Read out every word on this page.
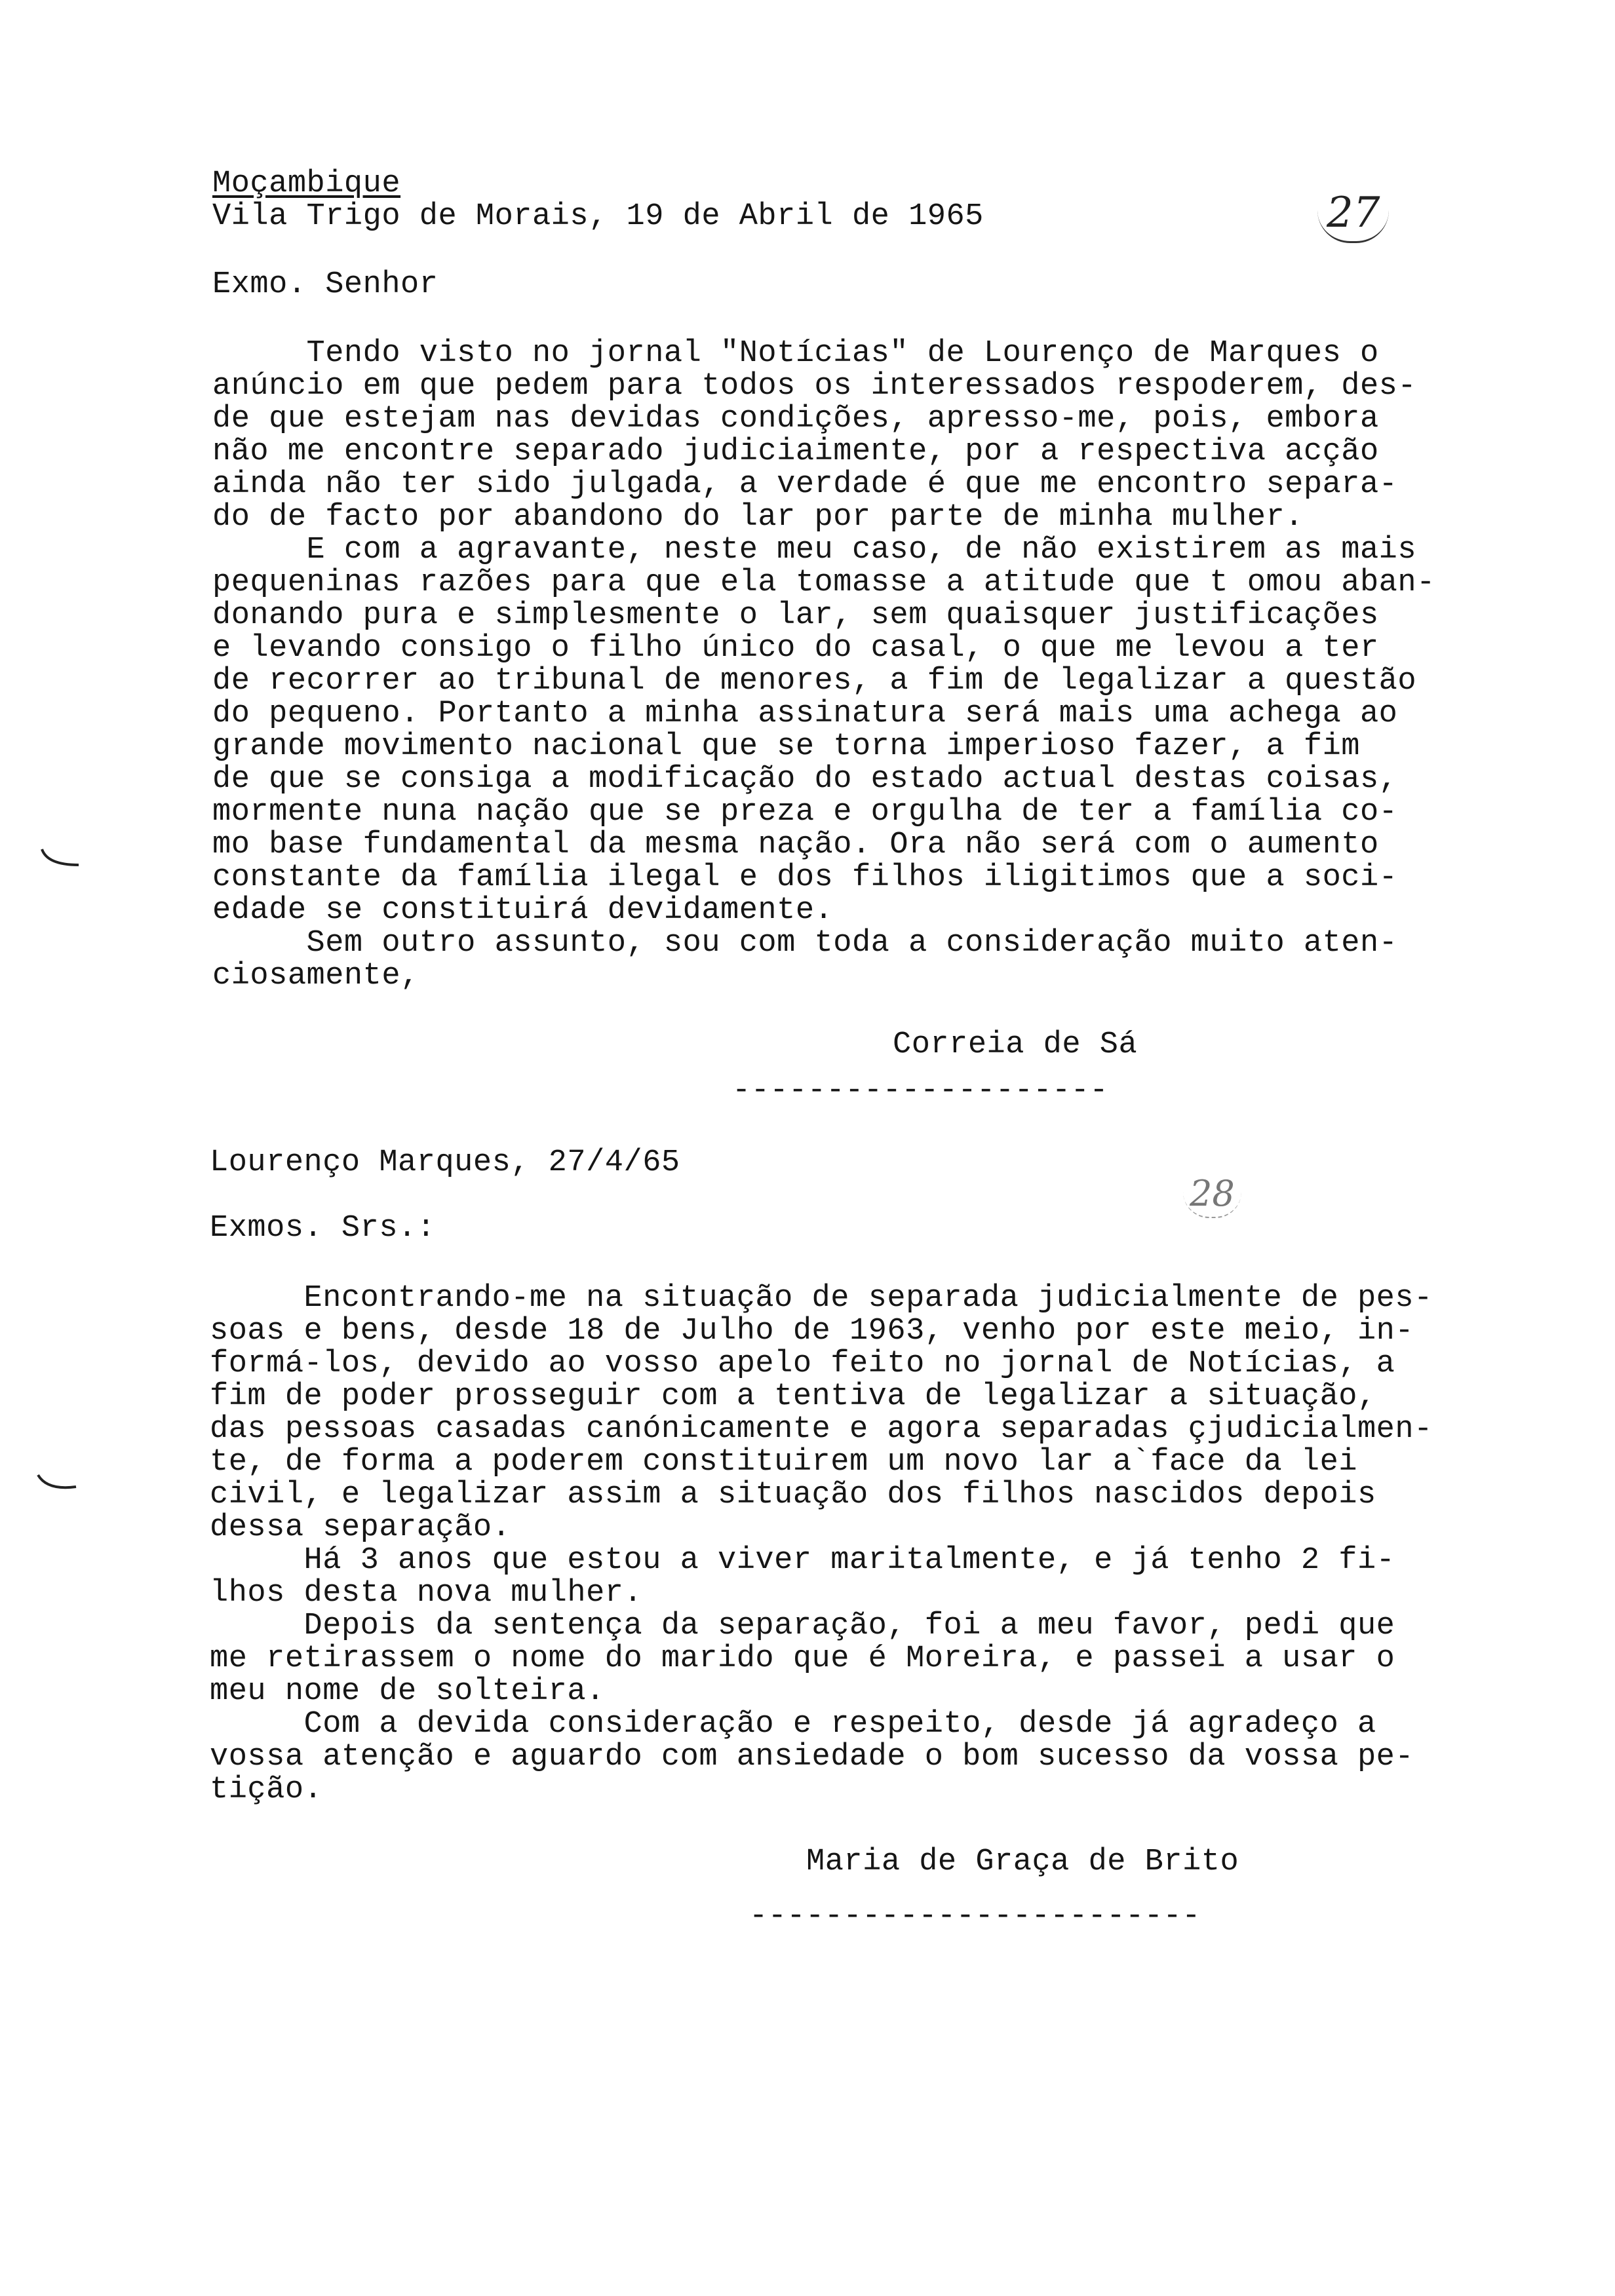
Moçambique
Vila Trigo de Morais, 19 de Abril de 1965	27
Exmo. Senhor
Tendo visto no jornal "Notícias" de Lourenço de Marques o
anúncio em que pedem para todos os interessados respoderem, des-
de que estejam nas devidas condições, apresso-me, pois, embora
não me encontre separado judiciaimente, por a respectiva acção
ainda não ter sido julgada, a verdade é que me encontro separa-
do de facto por abandono do lar por parte de minha mulher.
E com a agravante, neste meu caso, de não existirem as mais
pequeninas razões para que ela tomasse a atitude que t omou aban-
donando pura e simplesmente o lar, sem quaisquer justificações
e levando consigo o filho único do casal, o que me levou a ter
de recorrer ao tribunal de menores, a fim de legalizar a questão
do pequeno. Portanto a minha assinatura será mais uma achega ao
grande movimento nacional que se torna imperioso fazer, a fim
de que se consiga a modificação do estado actual destas coisas,
mormente nuna nação que se preza e orgulha de ter a família co-
mo base fundamental da mesma nação. Ora não será com o aumento
constante da família ilegal e dos filhos iligitimos que a soci-
edade se constituirá devidamente.
Sem outro assunto, sou com toda a consideração muito aten-
ciosamente,
Correia de Sá
--------------------
Lourenço Marques, 27/4/65
28
Exmos. Srs.:
Encontrando-me na situação de separada judicialmente de pes-
soas e bens, desde 18 de Julho de 1963, venho por este meio, in-
formá-los, devido ao vosso apelo feito no jornal de Notícias, a
fim de poder prosseguir com a tentiva de legalizar a situação,
das pessoas casadas canónicamente e agora separadas çjudicialmen-
te, de forma a poderem constituirem um novo lar a`face da lei
civil, e legalizar assim a situação dos filhos nascidos depois
dessa separação.
Há 3 anos que estou a viver maritalmente, e já tenho 2 fi-
lhos desta nova mulher.
Depois da sentença da separação, foi a meu favor, pedi que
me retirassem o nome do marido que é Moreira, e passei a usar o
meu nome de solteira.
Com a devida consideração e respeito, desde já agradeço a
vossa atenção e aguardo com ansiedade o bom sucesso da vossa pe-
tição.
Maria de Graça de Brito
------------------------
